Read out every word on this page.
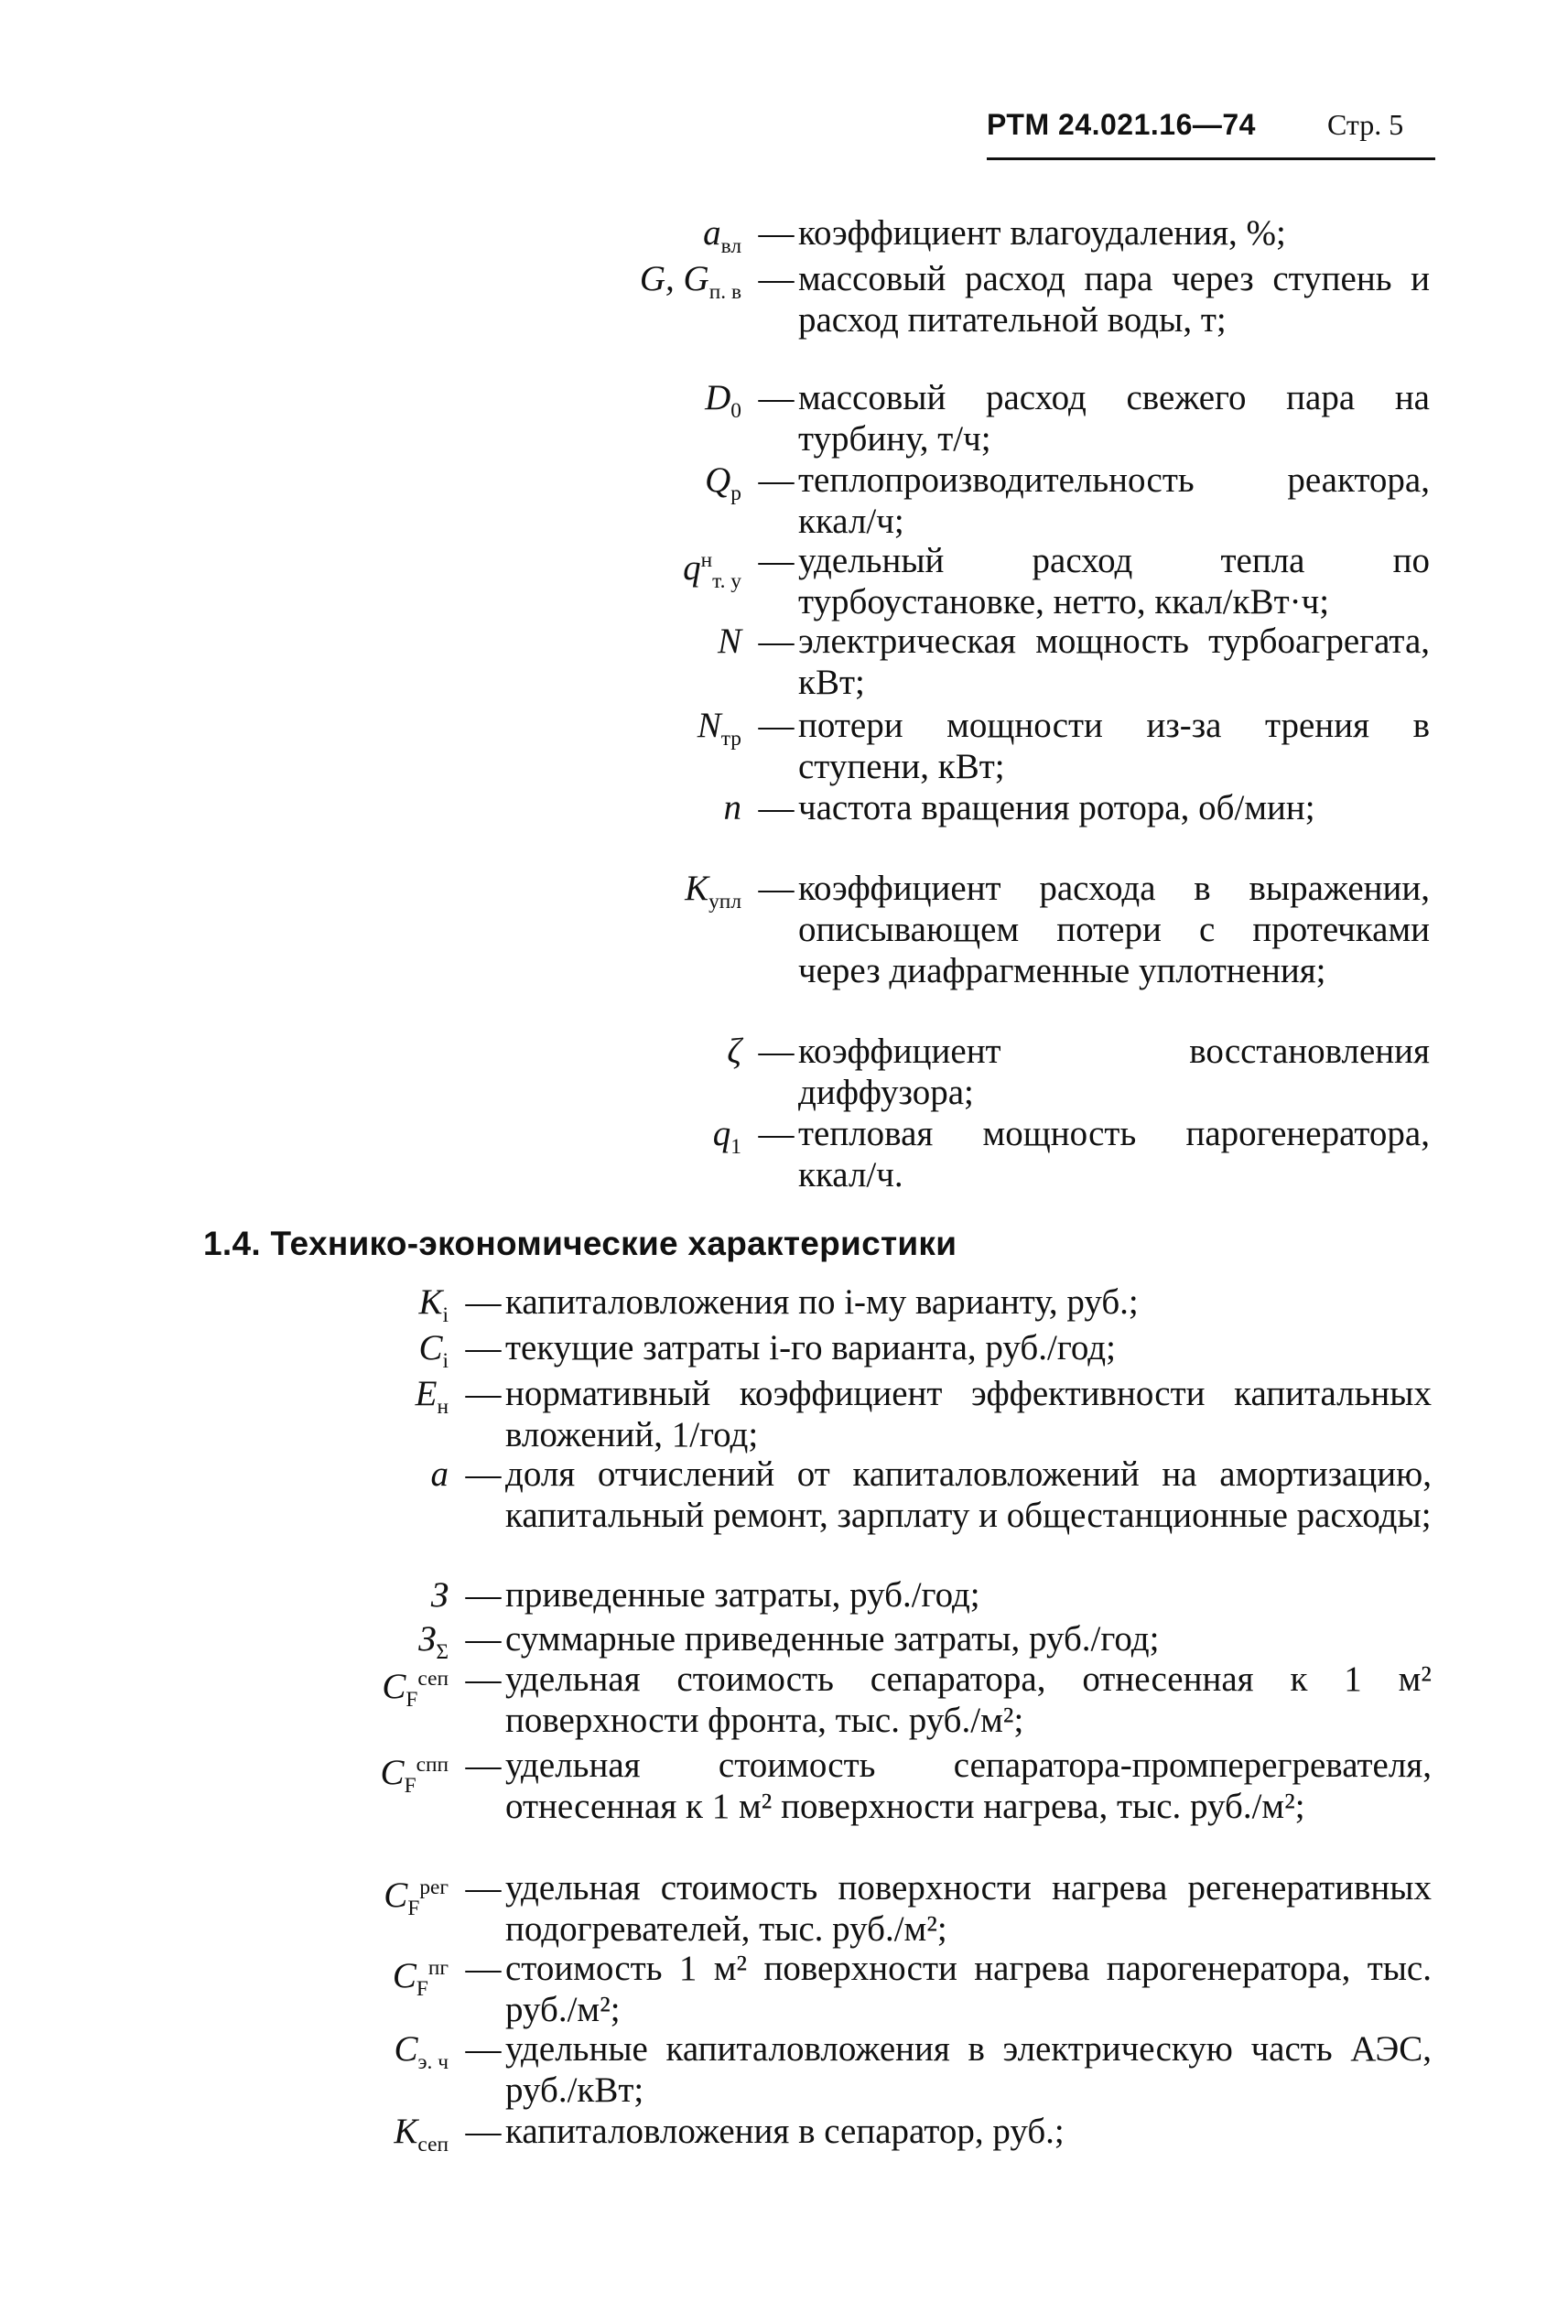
РТМ 24.021.16—74 Стр. 5
$a_{вл}$ — коэффициент влагоудаления, %;
G, $G_{п. в}$ — массовый расход пара через ступень и расход питательной воды, т;
$D_0$ — массовый расход свежего пара на турбину, т/ч;
$Q_р$ — теплопроизводительность реактора, ккал/ч;
$q^н_{т. у}$
— удельный расход тепла по турбоустановке, нетто, ккал/кВт·ч;
N — электрическая мощность турбоагрегата, кВт;
$N_{тр}$ — потери мощности из-за трения в ступени, кВт;
n — частота вращения ротора, об/мин;
$K_{упл}$ — коэффициент расхода в выражении, описывающем потери с протечками через диафрагменные уплотнения;
ζ — коэффициент восстановления диффузора;
$q_1$ — тепловая мощность парогенератора, ккал/ч.
1.4. Технико-экономические характеристики
$K_i$ — капиталовложения по i-му варианту, руб.;
$C_i$ — текущие затраты i-го варианта, руб./год;
$E_н$ — нормативный коэффициент эффективности капитальных вложений, 1/год;
a — доля отчислений от капиталовложений на амортизацию, капитальный ремонт, зарплату и общестанционные расходы;
З — приведенные затраты, руб./год;
$З_\Sigma$ — суммарные приведенные затраты, руб./год;
$C_F^{сеп}$ — удельная стоимость сепаратора, отнесенная к 1 м² поверхности фронта, тыс. руб./м²;
$C_F^{спп}$ — удельная стоимость сепаратора-промперегревателя, отнесенная к 1 м² поверхности нагрева, тыс. руб./м²;
$C_F^{рег}$ — удельная стоимость поверхности нагрева регенеративных подогревателей, тыс. руб./м²;
$C_F^{пг}$ — стоимость 1 м² поверхности нагрева парогенератора, тыс. руб./м²;
$C_{э. ч}$ — удельные капиталовложения в электрическую часть АЭС, руб./кВт;
$K_{сеп}$ — капиталовложения в сепаратор, руб.;
